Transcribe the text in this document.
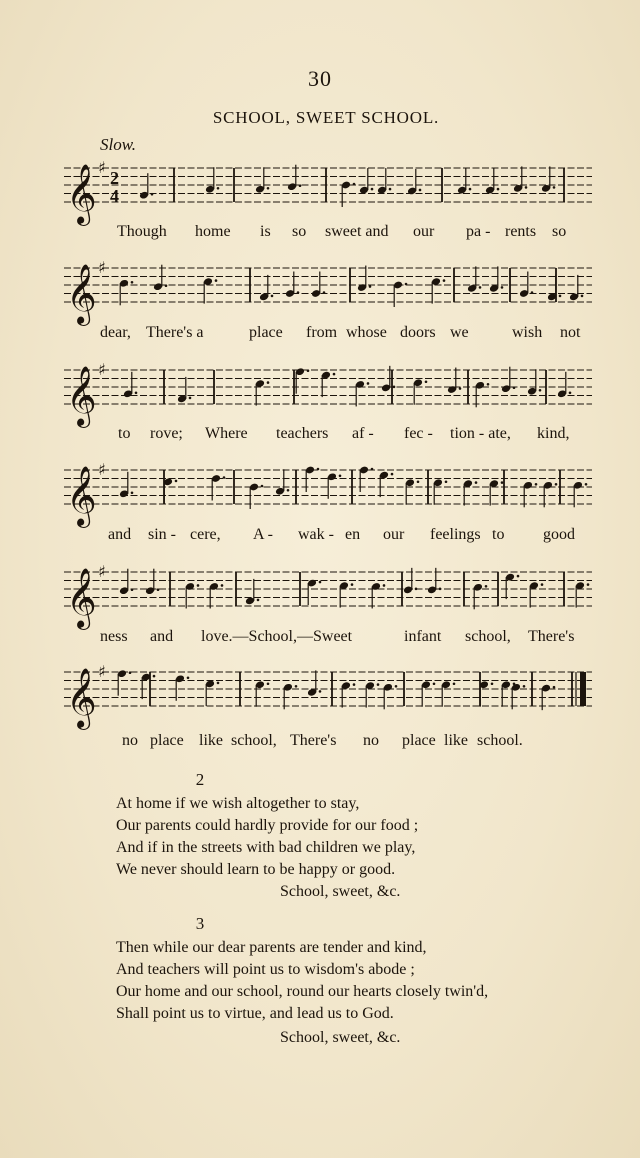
30
SCHOOL, SWEET SCHOOL.
Slow.
𝄞 ♯
2
4
Though home is so sweet and our pa - rents so
𝄞 ♯
dear, There's a	place from whose doors we	wish not
𝄞 ♯
to rove; Where teachers af - fec - tion - ate, kind,
𝄞 ♯
and sin - cere, A - wak - en our feelings to good
𝄞 ♯
ness and love.—School,—Sweet	infant school, There's
𝄞 ♯
no place like school, There's no place like school.
2
At home if we wish altogether to stay,
Our parents could hardly provide for our food ;
And if in the streets with bad children we play,
We never should learn to be happy or good.
School, sweet, &c.
3
Then while our dear parents are tender and kind,
And teachers will point us to wisdom's abode ;
Our home and our school, round our hearts closely twin'd,
Shall point us to virtue, and lead us to God.
School, sweet, &c.
